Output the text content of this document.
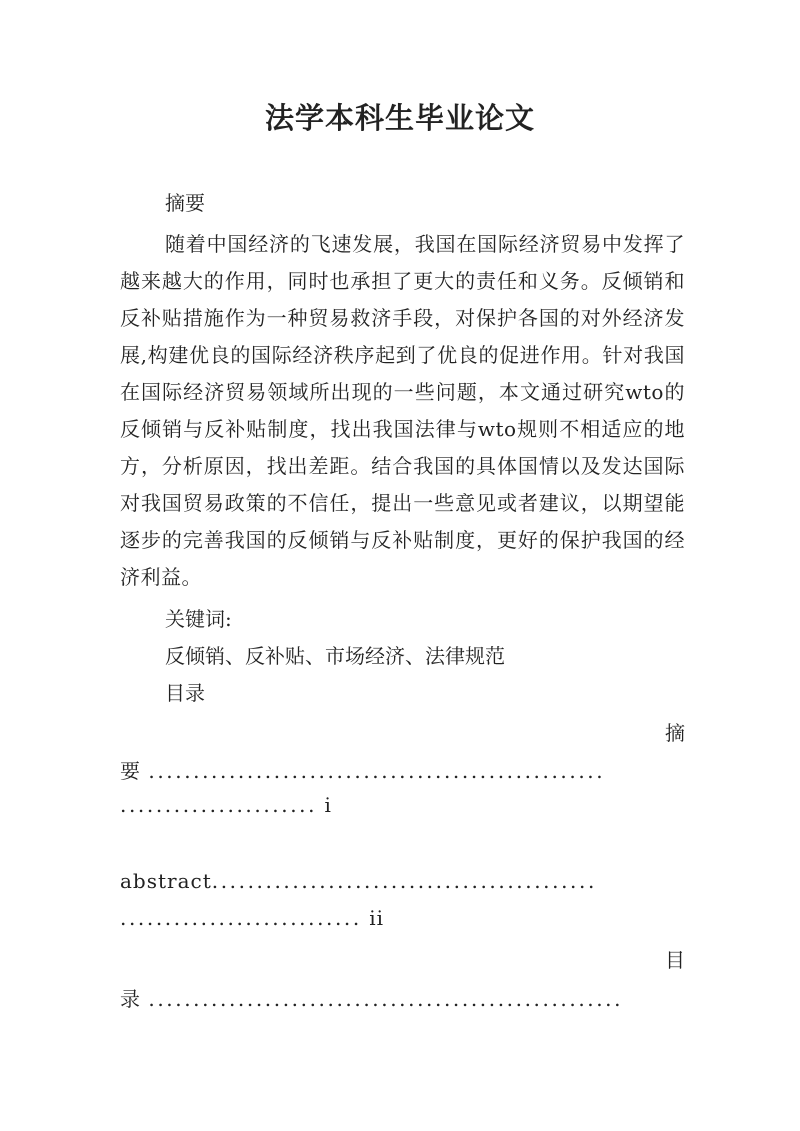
法学本科生毕业论文
摘要
随着中国经济的飞速发展，我国在国际经济贸易中发挥了越来越大的作用，同时也承担了更大的责任和义务。反倾销和反补贴措施作为一种贸易救济手段，对保护各国的对外经济发展,构建优良的国际经济秩序起到了优良的促进作用。针对我国在国际经济贸易领域所出现的一些问题，本文通过研究wto的反倾销与反补贴制度，找出我国法律与wto规则不相适应的地方，分析原因，找出差距。结合我国的具体国情以及发达国际对我国贸易政策的不信任，提出一些意见或者建议，以期望能逐步的完善我国的反倾销与反补贴制度，更好的保护我国的经济利益。
关键词:
反倾销、反补贴、市场经济、法律规范
目录
摘
要 ...................................................
...................... i
abstract...........................................
........................... ii
目
录 .....................................................
